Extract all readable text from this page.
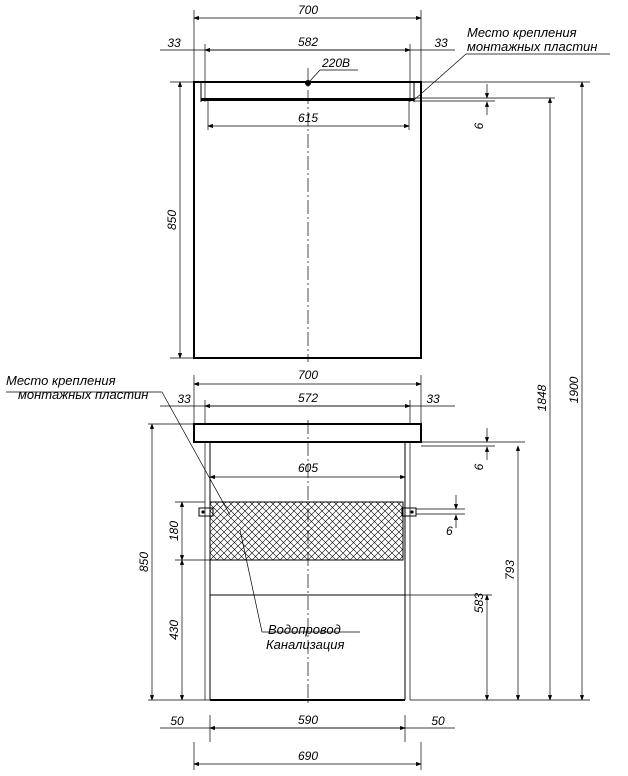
700
582
33	33
220В
615
6
850
Место крепления
монтажных пластин
700
572
33	33
605	6
6
180
430
850
Место крепления
монтажных пластин
Водопровод
Канализация
590
50	50
690
583
793
1848 1900
